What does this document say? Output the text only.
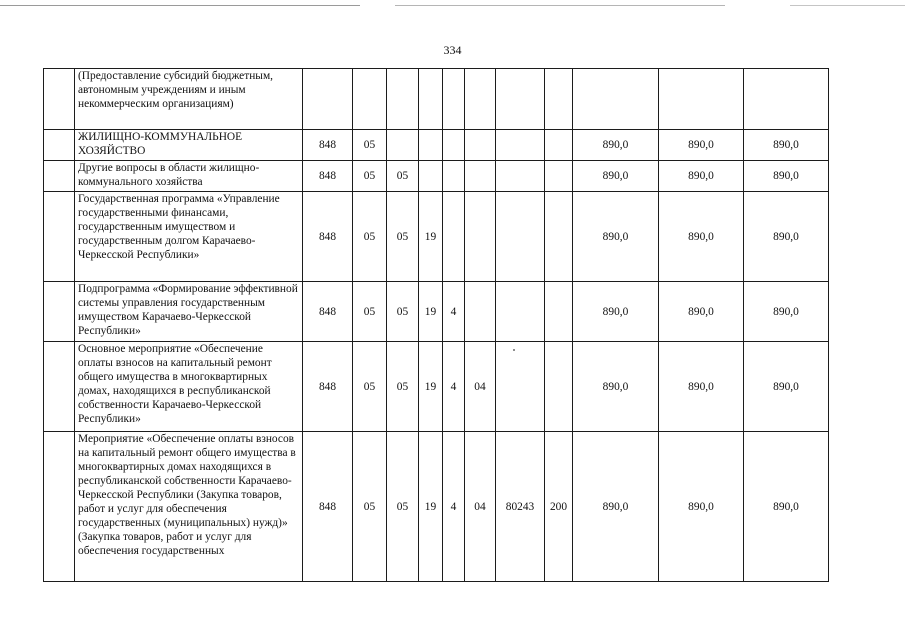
334
	(Предоставление субсидий бюджетным, автономным учреждениям и иным некоммерческим организациям)											
	ЖИЛИЩНО-КОММУНАЛЬНОЕ ХОЗЯЙСТВО	848	05							890,0	890,0	890,0
	Другие вопросы в области жилищно-коммунального хозяйства	848	05	05						890,0	890,0	890,0
	Государственная программа «Управление государственными финансами, государственным имуществом и государственным долгом Карачаево-Черкесской Республики»	848	05	05	19					890,0	890,0	890,0
	Подпрограмма «Формирование эффективной системы управления государственным имуществом Карачаево-Черкесской Республики»	848	05	05	19	4				890,0	890,0	890,0
	Основное мероприятие «Обеспечение оплаты взносов на капитальный ремонт общего имущества в многоквартирных домах, находящихся в республиканской собственности Карачаево-Черкесской Республики»	848	05	05	19	4	04			890,0	890,0	890,0
	Мероприятие «Обеспечение оплаты взносов на капитальный ремонт общего имущества в многоквартирных домах находящихся в республиканской собственности Карачаево-Черкесской Республики (Закупка товаров, работ и услуг для обеспечения государственных (муниципальных) нужд)» (Закупка товаров, работ и услуг для обеспечения государственных	848	05	05	19	4	04	80243	200	890,0	890,0	890,0
